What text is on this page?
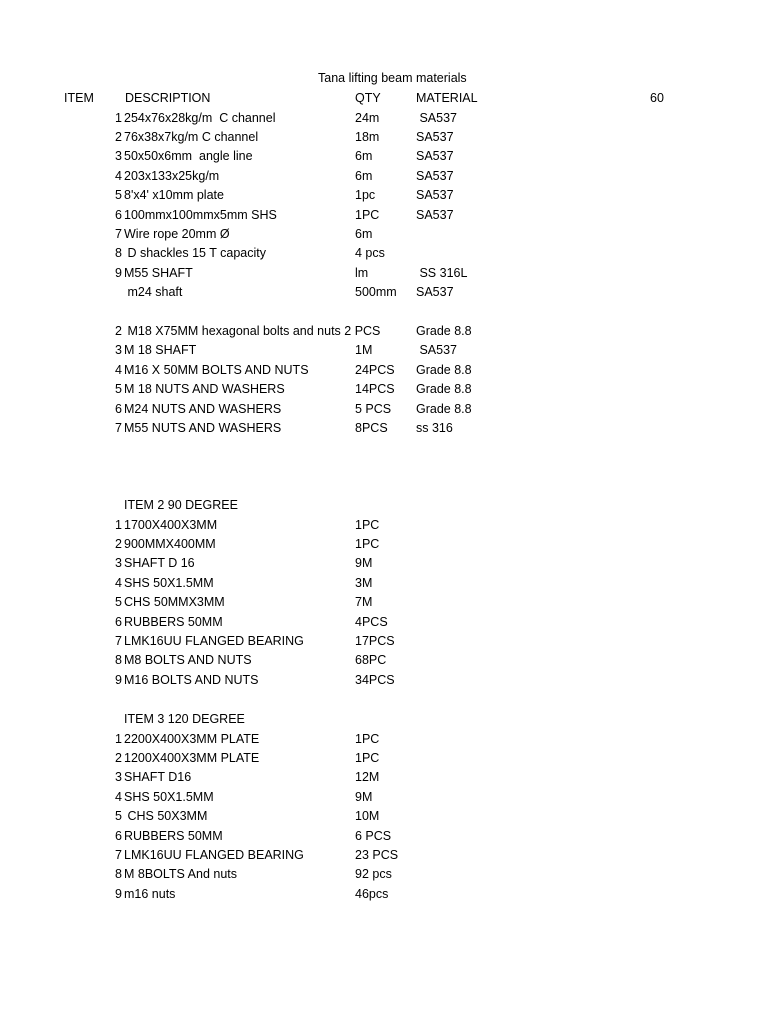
Tana lifting beam materials
ITEM DESCRIPTION	QTY	MATERIAL	60
1 254x76x28kg/m  C channel	24m	SA537
2 76x38x7kg/m C channel	18m	SA537
3 50x50x6mm  angle line	6m	SA537
4 203x133x25kg/m	6m	SA537
5 8'x4' x10mm plate	1pc	SA537
6 100mmx100mmx5mm SHS	1PC	SA537
7 Wire rope 20mm Ø	6m
8 D shackles 15 T capacity	4 pcs
9 M55 SHAFT	lm	SS 316L
m24 shaft	500mm SA537
2 M18 X75MM hexagonal bolts and nuts 2 PCS	Grade 8.8
3 M 18 SHAFT	1M	SA537
4 M16 X 50MM BOLTS AND NUTS	24PCS Grade 8.8
5 M 18 NUTS AND WASHERS	14PCS Grade 8.8
6 M24 NUTS AND WASHERS	5 PCS Grade 8.8
7 M55 NUTS AND WASHERS	8PCS ss 316
ITEM 2 90 DEGREE
1 1700X400X3MM	1PC
2 900MMX400MM	1PC
3 SHAFT D 16	9M
4 SHS 50X1.5MM	3M
5 CHS 50MMX3MM	7M
6 RUBBERS 50MM	4PCS
7 LMK16UU FLANGED BEARING	17PCS
8 M8 BOLTS AND NUTS	68PC
9 M16 BOLTS AND NUTS	34PCS
ITEM 3 120 DEGREE
1 2200X400X3MM PLATE	1PC
2 1200X400X3MM PLATE	1PC
3 SHAFT D16	12M
4 SHS 50X1.5MM	9M
5 CHS 50X3MM	10M
6 RUBBERS 50MM	6 PCS
7 LMK16UU FLANGED BEARING	23 PCS
8 M 8BOLTS And nuts	92 pcs
9 m16 nuts	46pcs
